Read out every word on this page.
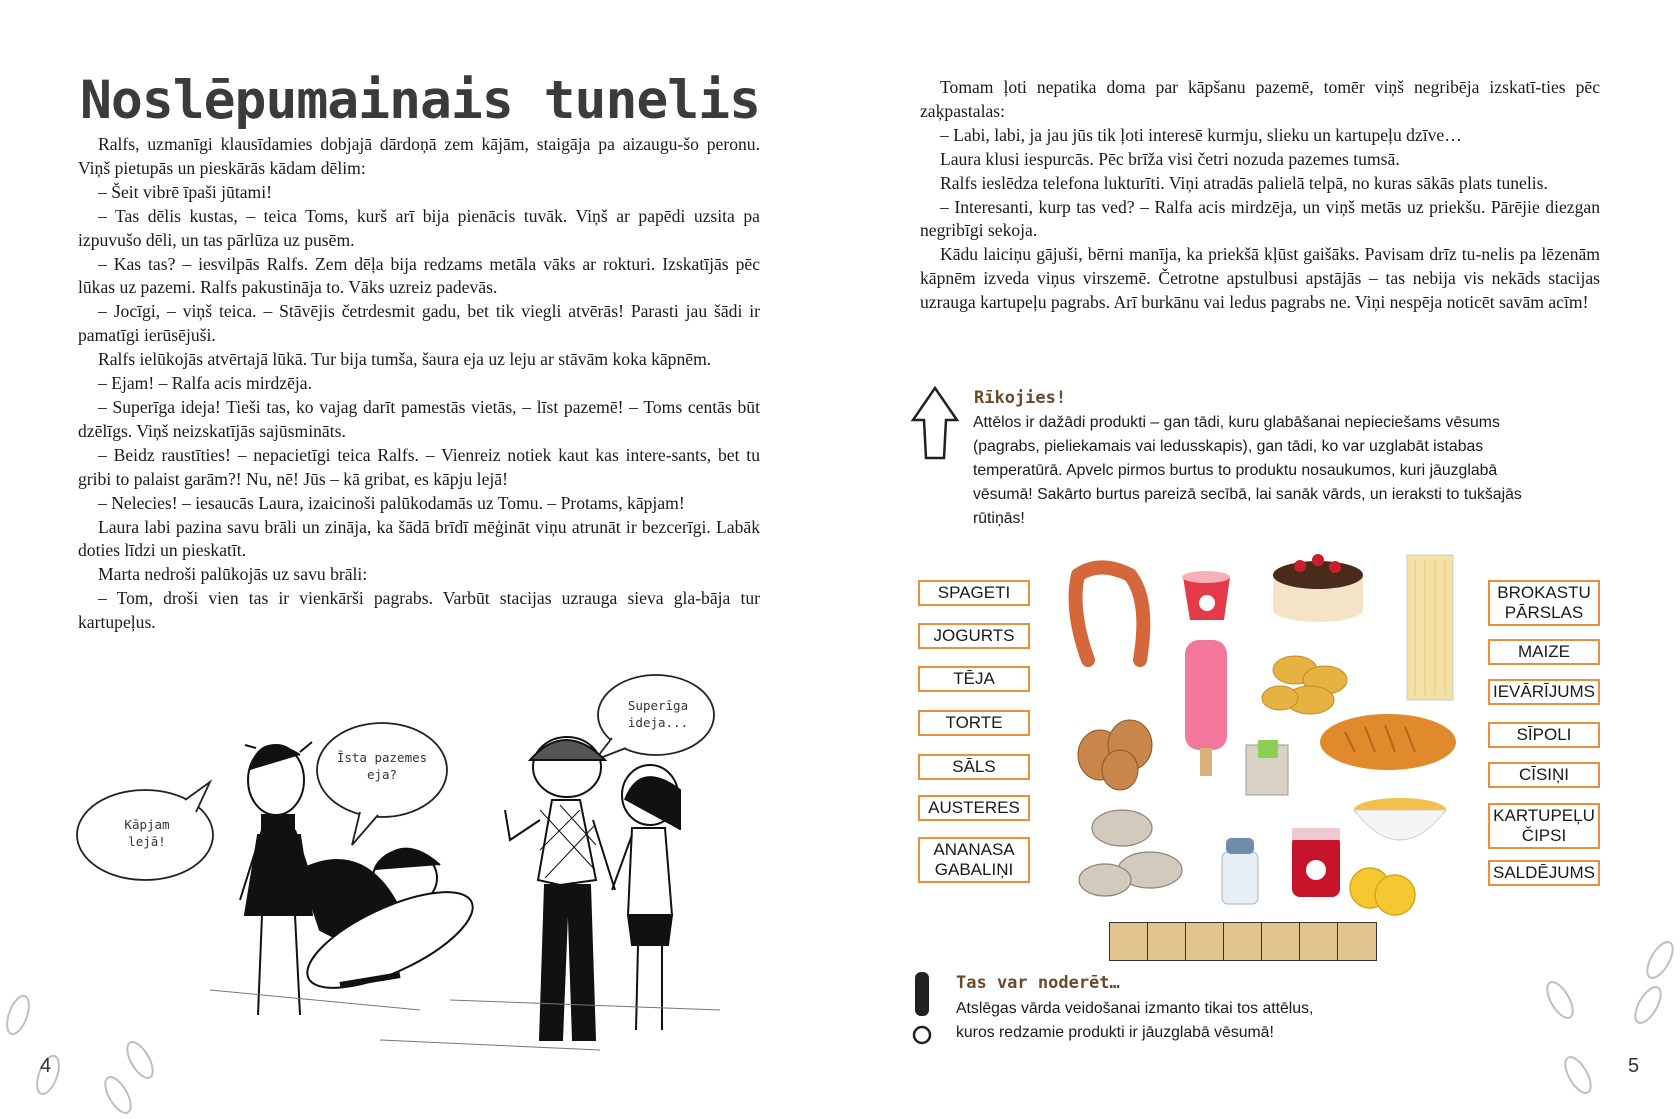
Noslēpumainais tunelis

Ralfs, uzmanīgi klausīdamies dobjajā dārdoņā zem kājām, staigāja pa aizaugu-šo peronu. Viņš pietupās un pieskārās kādam dēlim:

– Šeit vibrē īpaši jūtami!

– Tas dēlis kustas, – teica Toms, kurš arī bija pienācis tuvāk. Viņš ar papēdi uzsita pa izpuvušo dēli, un tas pārlūza uz pusēm.

– Kas tas? – iesvilpās Ralfs. Zem dēļa bija redzams metāla vāks ar rokturi. Izskatījās pēc lūkas uz pazemi. Ralfs pakustināja to. Vāks uzreiz padevās.

– Jocīgi, – viņš teica. – Stāvējis četrdesmit gadu, bet tik viegli atvērās! Parasti jau šādi ir pamatīgi ierūsējuši.

Ralfs ielūkojās atvērtajā lūkā. Tur bija tumša, šaura eja uz leju ar stāvām koka kāpnēm.

– Ejam! – Ralfa acis mirdzēja.

– Superīga ideja! Tieši tas, ko vajag darīt pamestās vietās, – līst pazemē! – Toms centās būt dzēlīgs. Viņš neizskatījās sajūsmināts.

– Beidz raustīties! – nepacietīgi teica Ralfs. – Vienreiz notiek kaut kas intere-sants, bet tu gribi to palaist garām?! Nu, nē! Jūs – kā gribat, es kāpju lejā!

– Nelecies! – iesaucās Laura, izaicinoši palūkodamās uz Tomu. – Protams, kāpjam!

Laura labi pazina savu brāli un zināja, ka šādā brīdī mēģināt viņu atrunāt ir bezcerīgi. Labāk doties līdzi un pieskatīt.

Marta nedroši palūkojās uz savu brāli:

– Tom, droši vien tas ir vienkārši pagrabs. Varbūt stacijas uzrauga sieva gla-bāja tur kartupeļus.

Kāpjam
lejā!
Īsta pazemes
eja?
Superīga
ideja...
4	5

Tomam ļoti nepatika doma par kāpšanu pazemē, tomēr viņš negribēja izskatī-ties pēc zaķpastalas:

– Labi, labi, ja jau jūs tik ļoti interesē kurmju, slieku un kartupeļu dzīve…

Laura klusi iespurcās. Pēc brīža visi četri nozuda pazemes tumsā.

Ralfs ieslēdza telefona lukturīti. Viņi atradās palielā telpā, no kuras sākās plats tunelis.

– Interesanti, kurp tas ved? – Ralfa acis mirdzēja, un viņš metās uz priekšu. Pārējie diezgan negribīgi sekoja.

Kādu laiciņu gājuši, bērni manīja, ka priekšā kļūst gaišāks. Pavisam drīz tu-nelis pa lēzenām kāpnēm izveda viņus virszemē. Četrotne apstulbusi apstājās – tas nebija vis nekāds stacijas uzrauga kartupeļu pagrabs. Arī burkānu vai ledus pagrabs ne. Viņi nespēja noticēt savām acīm!

Rīkojies!
Attēlos ir dažādi produkti – gan tādi, kuru glabāšanai nepieciešams vēsums (pagrabs, pieliekamais vai ledusskapis), gan tādi, ko var uzglabāt istabas temperatūrā. Apvelc pirmos burtus to produktu nosaukumos, kuri jāuzglabā vēsumā! Sakārto burtus pareizā secībā, lai sanāk vārds, un ieraksti to tukšajās rūtiņās!
SPAGETI
JOGURTS
TĒJA
TORTE
SĀLS
AUSTERES
ANANASA GABALIŅI
BROKASTU PĀRSLAS
MAIZE
IEVĀRĪJUMS
SĪPOLI
CĪSIŅI
KARTUPEĻU ČIPSI
SALDĒJUMS
Tas var noderēt…
Atslēgas vārda veidošanai izmanto tikai tos attēlus,
kuros redzamie produkti ir jāuzglabā vēsumā!
